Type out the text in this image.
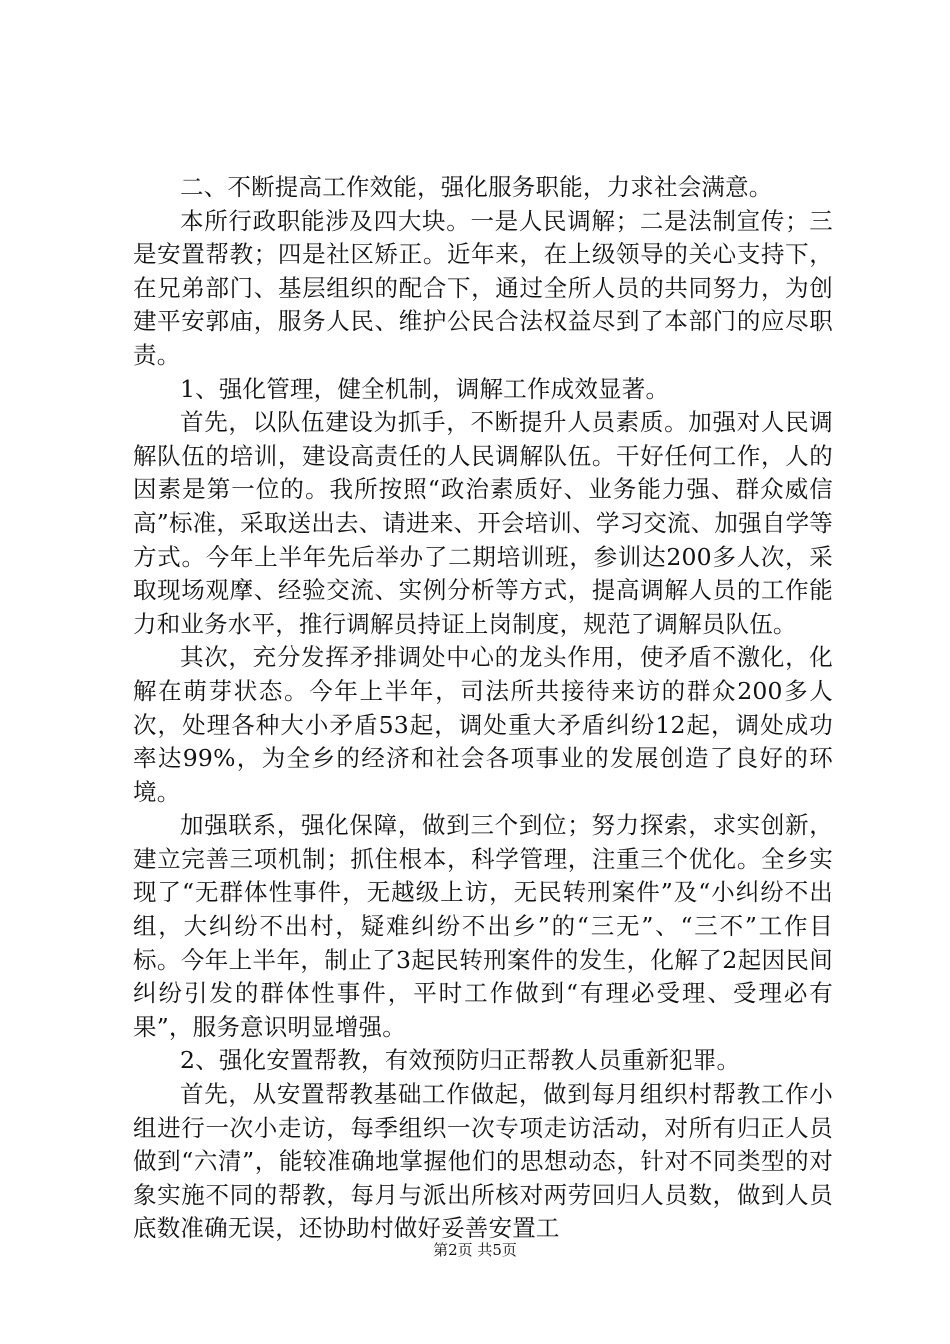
二、不断提高工作效能，强化服务职能，力求社会满意。

本所行政职能涉及四大块。一是人民调解；二是法制宣传；三是安置帮教；四是社区矫正。近年来，在上级领导的关心支持下，在兄弟部门、基层组织的配合下，通过全所人员的共同努力，为创建平安郭庙，服务人民、维护公民合法权益尽到了本部门的应尽职责。

1、强化管理，健全机制，调解工作成效显著。

首先，以队伍建设为抓手，不断提升人员素质。加强对人民调解队伍的培训，建设高责任的人民调解队伍。干好任何工作，人的因素是第一位的。我所按照“政治素质好、业务能力强、群众威信高”标准，采取送出去、请进来、开会培训、学习交流、加强自学等方式。今年上半年先后举办了二期培训班，参训达200多人次，采取现场观摩、经验交流、实例分析等方式，提高调解人员的工作能力和业务水平，推行调解员持证上岗制度，规范了调解员队伍。

其次，充分发挥矛排调处中心的龙头作用，使矛盾不激化，化解在萌芽状态。今年上半年，司法所共接待来访的群众200多人次，处理各种大小矛盾53起，调处重大矛盾纠纷12起，调处成功率达99%，为全乡的经济和社会各项事业的发展创造了良好的环境。

加强联系，强化保障，做到三个到位；努力探索，求实创新，建立完善三项机制；抓住根本，科学管理，注重三个优化。全乡实现了“无群体性事件，无越级上访，无民转刑案件”及“小纠纷不出组，大纠纷不出村，疑难纠纷不出乡”的“三无”、“三不”工作目标。今年上半年，制止了3起民转刑案件的发生，化解了2起因民间纠纷引发的群体性事件，平时工作做到“有理必受理、受理必有果”，服务意识明显增强。

2、强化安置帮教，有效预防归正帮教人员重新犯罪。

首先，从安置帮教基础工作做起，做到每月组织村帮教工作小组进行一次小走访，每季组织一次专项走访活动，对所有归正人员做到“六清”，能较准确地掌握他们的思想动态，针对不同类型的对象实施不同的帮教，每月与派出所核对两劳回归人员数，做到人员底数准确无误，还协助村做好妥善安置工

第2页 共5页
